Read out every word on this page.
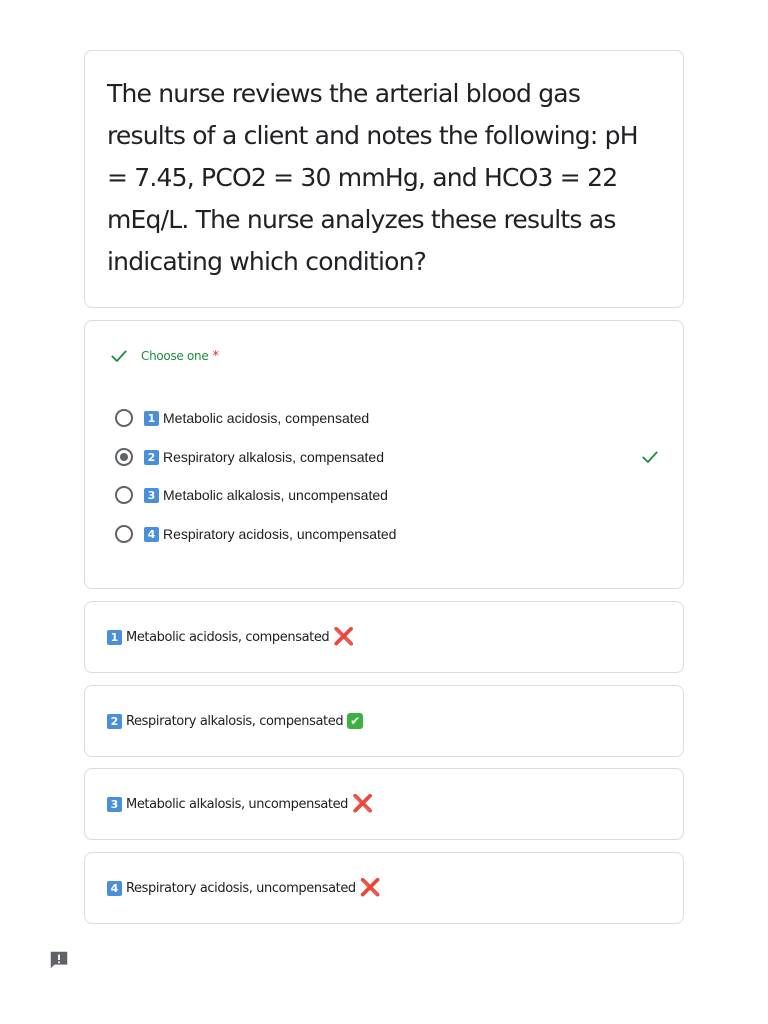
The nurse reviews the arterial blood gas results of a client and notes the following: pH = 7.45, PCO2 = 30 mmHg, and HCO3 = 22 mEq/L. The nurse analyzes these results as indicating which condition?

Choose one *
1 Metabolic acidosis, compensated
2 Respiratory alkalosis, compensated
3 Metabolic alkalosis, uncompensated
4 Respiratory acidosis, uncompensated
1 Metabolic acidosis, compensated ❌
2 Respiratory alkalosis, compensated ✔
3 Metabolic alkalosis, uncompensated ❌
4 Respiratory acidosis, uncompensated ❌
